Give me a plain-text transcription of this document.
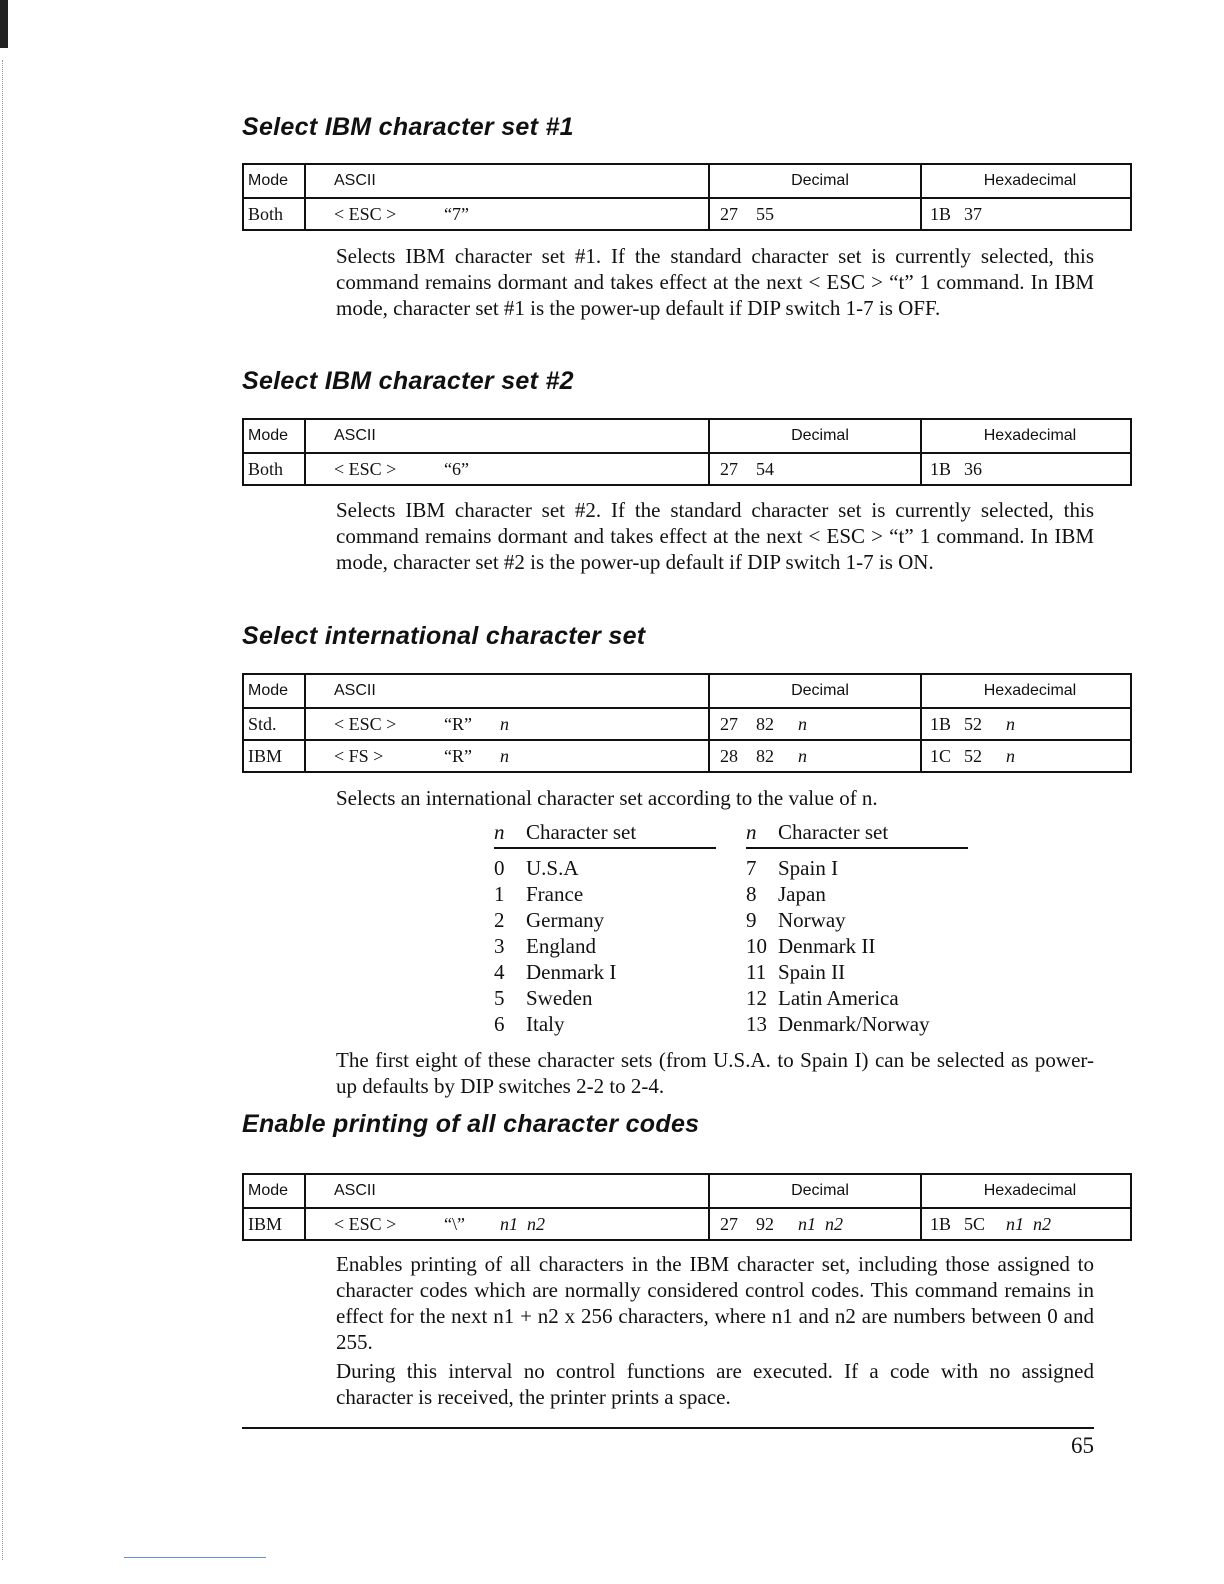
Select IBM character set #1
Mode	ASCII	Decimal	Hexadecimal
Both	< ESC > “7”	27 55	1B 37

Selects IBM character set #1. If the standard character set is currently selected, this command remains dormant and takes effect at the next < ESC > “t” 1 command. In IBM mode, character set #1 is the power-up default if DIP switch 1-7 is OFF.

Select IBM character set #2
Mode	ASCII	Decimal	Hexadecimal
Both	< ESC > “6”	27 54	1B 36

Selects IBM character set #2. If the standard character set is currently selected, this command remains dormant and takes effect at the next < ESC > “t” 1 command. In IBM mode, character set #2 is the power-up default if DIP switch 1-7 is ON.

Select international character set
Mode	ASCII	Decimal	Hexadecimal
Std.	< ESC > “R” n	27 82 n	1B 52 n
IBM	< FS > “R” n	28 82 n	1C 52 n

Selects an international character set according to the value of n.

n Character set	n Character set

0 U.S.A
1 France
2 Germany
3 England
4 Denmark I
5 Sweden
6 Italy
7 Spain I
8 Japan
9 Norway
10 Denmark II
11 Spain II
12 Latin America
13 Denmark/Norway

The first eight of these character sets (from U.S.A. to Spain I) can be selected as power-up defaults by DIP switches 2-2 to 2-4.

Enable printing of all character codes
Mode	ASCII	Decimal	Hexadecimal
IBM	< ESC > “\” n1  n2	27 92 n1  n2	1B 5C n1  n2

Enables printing of all characters in the IBM character set, including those assigned to character codes which are normally considered control codes. This command remains in effect for the next n1 + n2 x 256 characters, where n1 and n2 are numbers between 0 and 255.

During this interval no control functions are executed. If a code with no assigned character is received, the printer prints a space.

65
